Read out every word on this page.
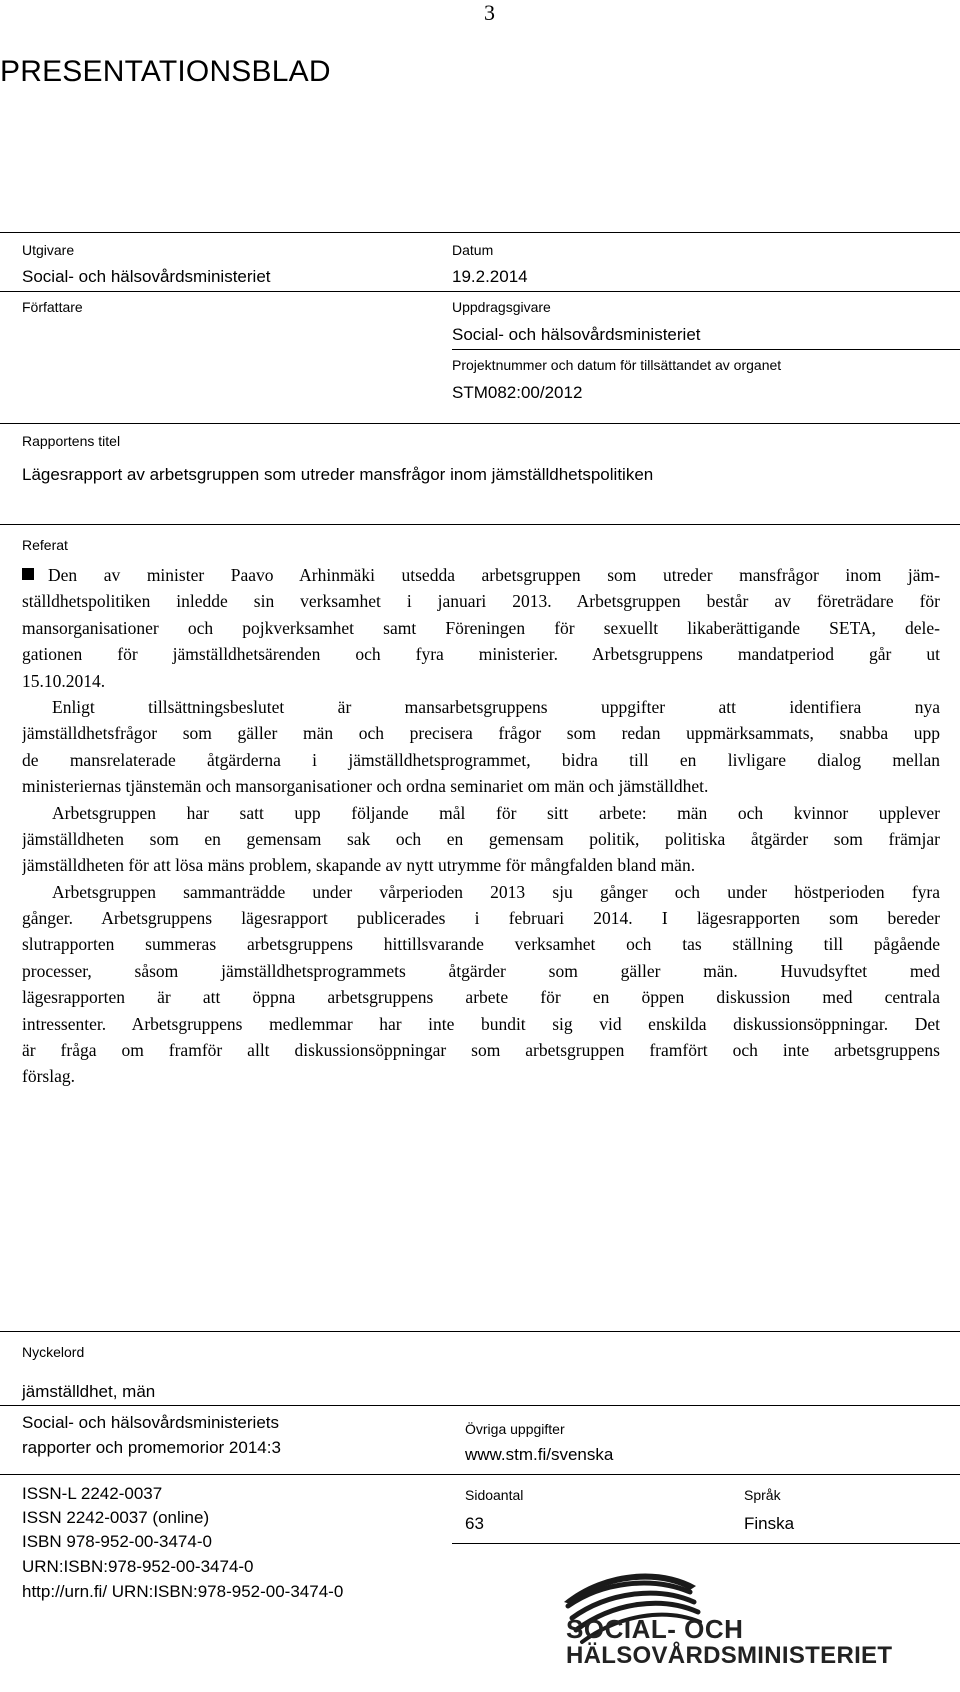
3
PRESENTATIONSBLAD
Utgivare	Datum
Social- och hälsovårdsministeriet	19.2.2014
Författare	Uppdragsgivare
Social- och hälsovårdsministeriet
Projektnummer och datum för tillsättandet av organet
STM082:00/2012
Rapportens titel
Lägesrapport av arbetsgruppen som utreder mansfrågor inom jämställdhetspolitiken
Referat
Den av minister Paavo Arhinmäki utsedda arbetsgruppen som utreder mansfrågor inom jäm-
ställdhetspolitiken inledde sin verksamhet i januari 2013. Arbetsgruppen består av företrädare för
mansorganisationer och pojkverksamhet samt Föreningen för sexuellt likaberättigande SETA, dele-
gationen för jämställdhetsärenden och fyra ministerier. Arbetsgruppens mandatperiod går ut
15.10.2014.
Enligt tillsättningsbeslutet är mansarbetsgruppens uppgifter att identifiera nya
jämställdhetsfrågor som gäller män och precisera frågor som redan uppmärksammats, snabba upp
de mansrelaterade åtgärderna i jämställdhetsprogrammet, bidra till en livligare dialog mellan
ministeriernas tjänstemän och mansorganisationer och ordna seminariet om män och jämställdhet.
Arbetsgruppen har satt upp följande mål för sitt arbete: män och kvinnor upplever
jämställdheten som en gemensam sak och en gemensam politik, politiska åtgärder som främjar
jämställdheten för att lösa mäns problem, skapande av nytt utrymme för mångfalden bland män.
Arbetsgruppen sammanträdde under vårperioden 2013 sju gånger och under höstperioden fyra
gånger. Arbetsgruppens lägesrapport publicerades i februari 2014. I lägesrapporten som bereder
slutrapporten summeras arbetsgruppens hittillsvarande verksamhet och tas ställning till pågående
processer, såsom jämställdhetsprogrammets åtgärder som gäller män. Huvudsyftet med
lägesrapporten är att öppna arbetsgruppens arbete för en öppen diskussion med centrala
intressenter. Arbetsgruppens medlemmar har inte bundit sig vid enskilda diskussionsöppningar. Det
är fråga om framför allt diskussionsöppningar som arbetsgruppen framfört och inte arbetsgruppens
förslag.
Nyckelord
jämställdhet, män
Social- och hälsovårdsministeriets
rapporter och promemorior 2014:3
Övriga uppgifter
www.stm.fi/svenska
ISSN-L 2242-0037
ISSN 2242-0037 (online)
ISBN 978-952-00-3474-0
URN:ISBN:978-952-00-3474-0
http://urn.fi/ URN:ISBN:978-952-00-3474-0
Sidoantal
63
Språk
Finska
SOCIAL- OCH
HÄLSOVÅRDSMINISTERIET
